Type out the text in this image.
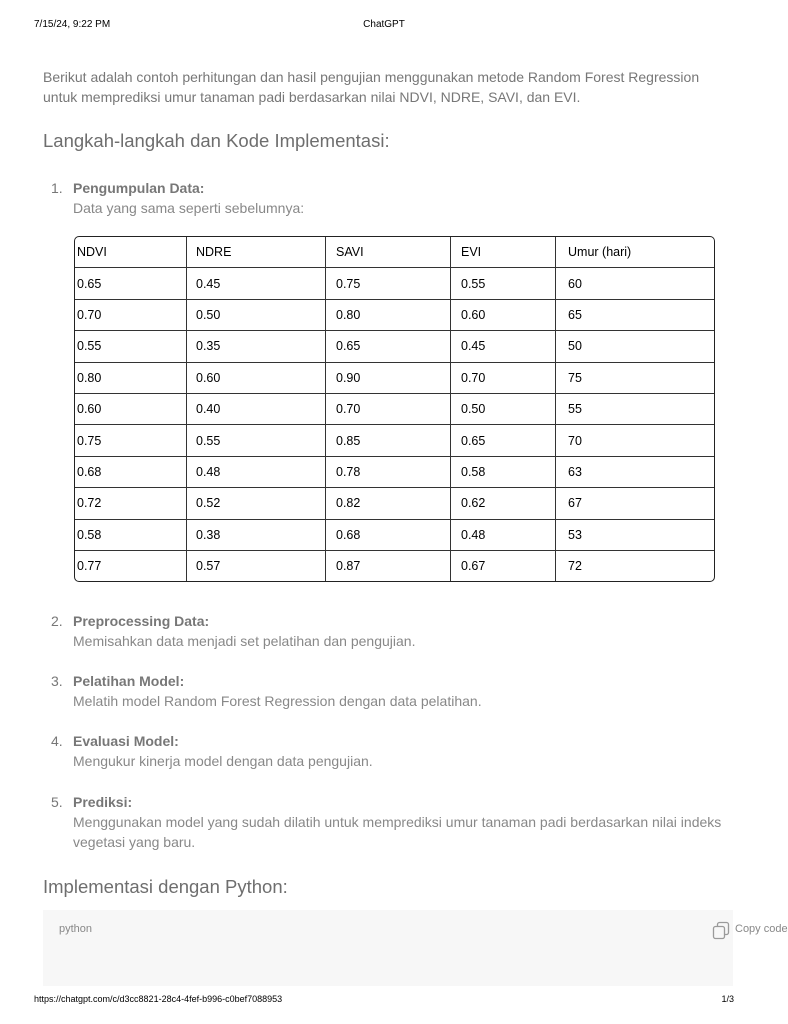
7/15/24, 9:22 PM	ChatGPT

Berikut adalah contoh perhitungan dan hasil pengujian menggunakan metode Random Forest Regression untuk memprediksi umur tanaman padi berdasarkan nilai NDVI, NDRE, SAVI, dan EVI.

Langkah-langkah dan Kode Implementasi:
1. Pengumpulan Data:
Data yang sama seperti sebelumnya:
NDVI	NDRE	SAVI	EVI	Umur (hari)
0.65	0.45	0.75	0.55	60
0.70	0.50	0.80	0.60	65
0.55	0.35	0.65	0.45	50
0.80	0.60	0.90	0.70	75
0.60	0.40	0.70	0.50	55
0.75	0.55	0.85	0.65	70
0.68	0.48	0.78	0.58	63
0.72	0.52	0.82	0.62	67
0.58	0.38	0.68	0.48	53
0.77	0.57	0.87	0.67	72
2. Preprocessing Data:
Memisahkan data menjadi set pelatihan dan pengujian.
3. Pelatihan Model:
Melatih model Random Forest Regression dengan data pelatihan.
4. Evaluasi Model:
Mengukur kinerja model dengan data pengujian.
5. Prediksi:
Menggunakan model yang sudah dilatih untuk memprediksi umur tanaman padi berdasarkan nilai indeks vegetasi yang baru.
Implementasi dengan Python:
python	Copy code
https://chatgpt.com/c/d3cc8821-28c4-4fef-b996-c0bef7088953	1/3
